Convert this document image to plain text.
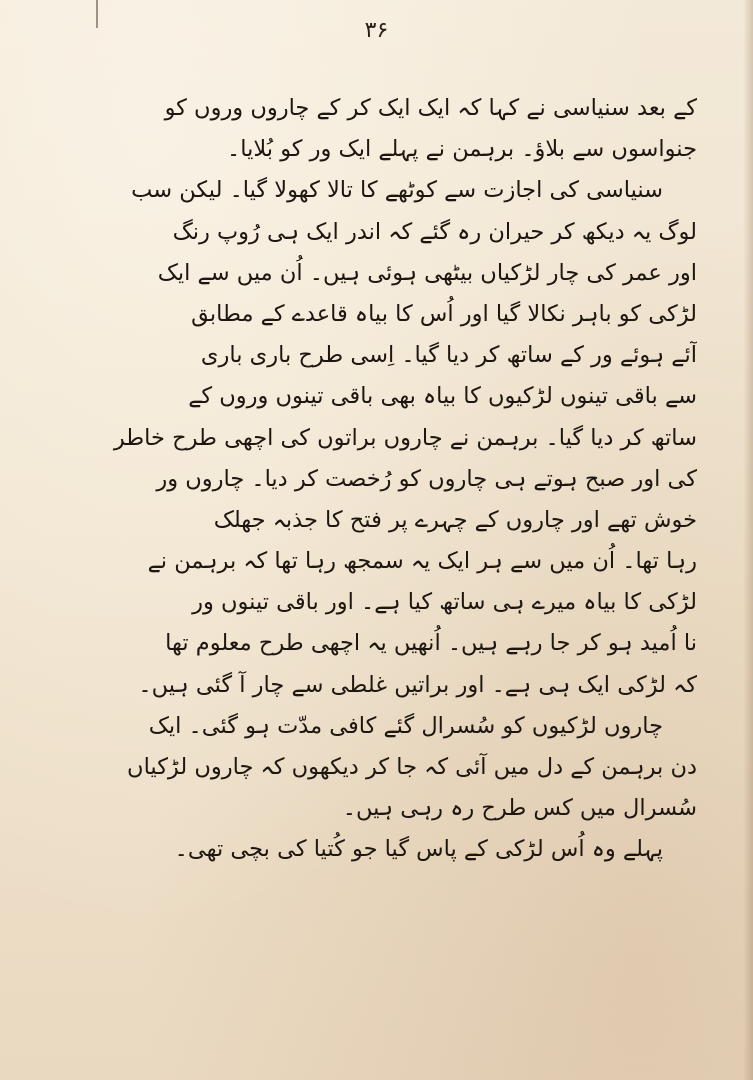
۳۶
کے بعد سنیاسی نے کہا کہ ایک ایک کر کے چاروں وروں کو
جنواسوں سے بلاؤ۔ برہمن نے پہلے ایک ور کو بُلایا۔
سنیاسی کی اجازت سے کوٹھے کا تالا کھولا گیا۔ لیکن سب
لوگ یہ دیکھ کر حیران رہ گئے کہ اندر ایک ہی رُوپ رنگ
اور عمر کی چار لڑکیاں بیٹھی ہوئی ہیں۔ اُن میں سے ایک
لڑکی کو باہر نکالا گیا اور اُس کا بیاہ قاعدے کے مطابق
آئے ہوئے ور کے ساتھ کر دیا گیا۔ اِسی طرح باری باری
سے باقی تینوں لڑکیوں کا بیاہ بھی باقی تینوں وروں کے
ساتھ کر دیا گیا۔ برہمن نے چاروں براتوں کی اچھی طرح خاطر
کی اور صبح ہوتے ہی چاروں کو رُخصت کر دیا۔ چاروں ور
خوش تھے اور چاروں کے چہرے پر فتح کا جذبہ جھلک
رہا تھا۔ اُن میں سے ہر ایک یہ سمجھ رہا تھا کہ برہمن نے
لڑکی کا بیاہ میرے ہی ساتھ کیا ہے۔ اور باقی تینوں ور
نا اُمید ہو کر جا رہے ہیں۔ اُنھیں یہ اچھی طرح معلوم تھا
کہ لڑکی ایک ہی ہے۔ اور براتیں غلطی سے چار آ گئی ہیں۔
چاروں لڑکیوں کو سُسرال گئے کافی مدّت ہو گئی۔ ایک
دن برہمن کے دل میں آئی کہ جا کر دیکھوں کہ چاروں لڑکیاں
سُسرال میں کس طرح رہ رہی ہیں۔
پہلے وہ اُس لڑکی کے پاس گیا جو کُتیا کی بچی تھی۔
